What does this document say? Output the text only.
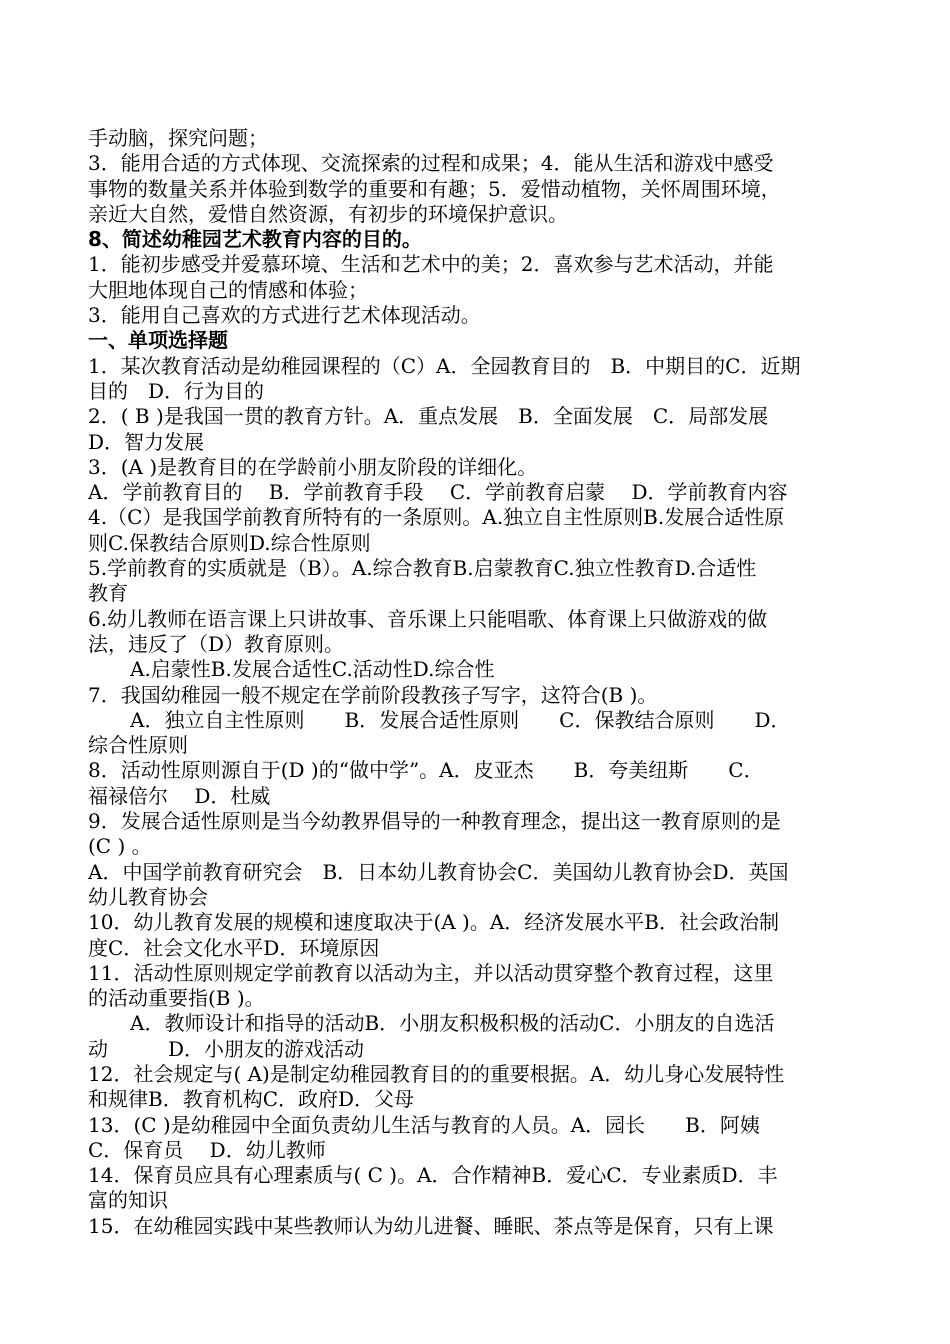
手动脑，探究问题；
3．能用合适的方式体现、交流探索的过程和成果；4．能从生活和游戏中感受
事物的数量关系并体验到数学的重要和有趣；5．爱惜动植物，关怀周围环境，
亲近大自然，爱惜自然资源，有初步的环境保护意识。
8、简述幼稚园艺术教育内容的目的。
1．能初步感受并爱慕环境、生活和艺术中的美；2．喜欢参与艺术活动，并能
大胆地体现自己的情感和体验；
3．能用自己喜欢的方式进行艺术体现活动。
一、单项选择题
1．某次教育活动是幼稚园课程的（C）A．全园教育目的　B．中期目的C．近期
目的　D．行为目的
2．( B )是我国一贯的教育方针。A．重点发展　B．全面发展　C．局部发展
D．智力发展
3．(A )是教育目的在学龄前小朋友阶段的详细化。
A．学前教育目的　 B．学前教育手段　 C．学前教育启蒙　 D．学前教育内容
4.（C）是我国学前教育所特有的一条原则。A.独立自主性原则B.发展合适性原
则C.保教结合原则D.综合性原则
5.学前教育的实质就是（B）。A.综合教育B.启蒙教育C.独立性教育D.合适性
教育
6.幼儿教师在语言课上只讲故事、音乐课上只能唱歌、体育课上只做游戏的做
法，违反了（D）教育原则。
A.启蒙性B.发展合适性C.活动性D.综合性
7．我国幼稚园一般不规定在学前阶段教孩子写字，这符合(B )。
A．独立自主性原则　　B．发展合适性原则　　C．保教结合原则　　D．
综合性原则
8．活动性原则源自于(D )的“做中学”。A．皮亚杰　　B．夸美纽斯　　C．
福禄倍尔　 D．杜威
9．发展合适性原则是当今幼教界倡导的一种教育理念，提出这一教育原则的是
(C ) 。
A．中国学前教育研究会　B．日本幼儿教育协会C．美国幼儿教育协会D．英国
幼儿教育协会
10．幼儿教育发展的规模和速度取决于(A )。A．经济发展水平B．社会政治制
度C．社会文化水平D．环境原因
11．活动性原则规定学前教育以活动为主，并以活动贯穿整个教育过程，这里
的活动重要指(B )。
A．教师设计和指导的活动B．小朋友积极积极的活动C．小朋友的自选活
动　　　D．小朋友的游戏活动
12．社会规定与( A)是制定幼稚园教育目的的重要根据。A．幼儿身心发展特性
和规律B．教育机构C．政府D．父母
13．(C )是幼稚园中全面负责幼儿生活与教育的人员。A．园长　　B．阿姨
C．保育员　 D．幼儿教师
14．保育员应具有心理素质与( C )。A．合作精神B．爱心C．专业素质D．丰
富的知识
15．在幼稚园实践中某些教师认为幼儿进餐、睡眠、茶点等是保育，只有上课
